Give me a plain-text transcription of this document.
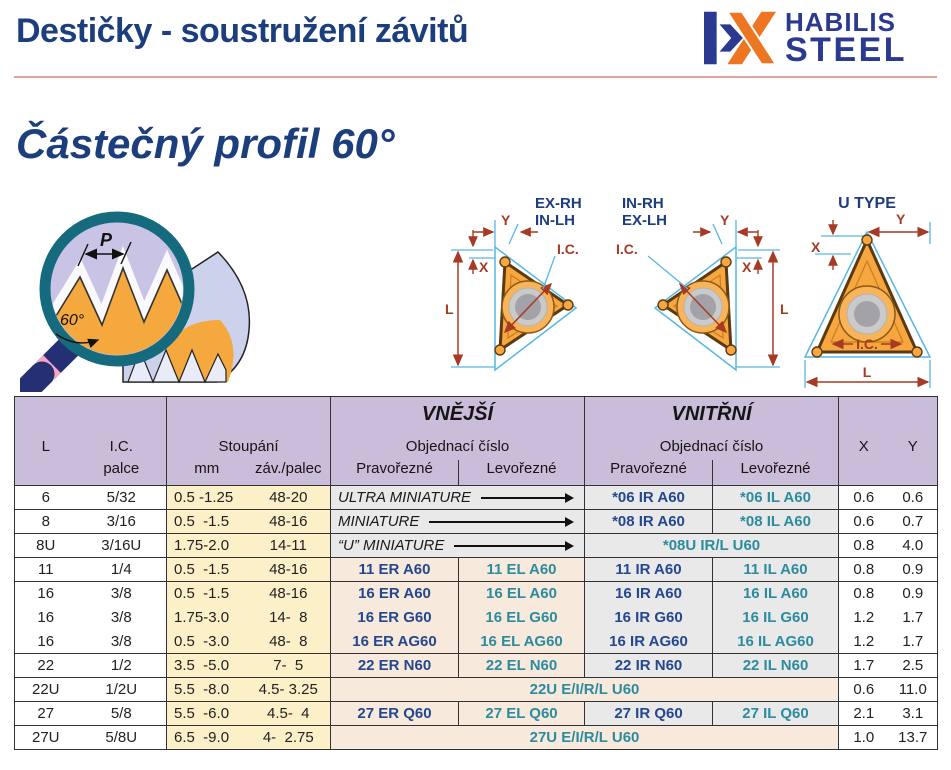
Destičky - soustružení závitů	HABILIS
STEEL
Částečný profil 60°
P
60°
EX-RH
IN-LH
I.C.
Y
X
L
IN-RH
EX-LH
I.C.
Y
X
L
U TYPE
X
Y
I.C.
L
				VNĚJŠÍ		VNITŘNÍ			
L	I.C.	Stoupání		Objednací číslo		Objednací číslo		X	Y
	palce	mm	záv./palec	Pravořezné	Levořezné	Pravořezné	Levořezné		
6	5/32	0.5 -1.25	48-20	ULTRA MINIATURE		*06 IR A60	*06 IL A60	0.6	0.6
8	3/16	0.5  -1.5	48-16	MINIATURE		*08 IR A60	*08 IL A60	0.6	0.7
8U	3/16U	1.75-2.0	14-11	“U” MINIATURE		*08U IR/L U60		0.8	4.0
11	1/4	0.5  -1.5	48-16	11 ER A60	11 EL A60	11 IR A60	11 IL A60	0.8	0.9
16	3/8	0.5  -1.5	48-16	16 ER A60	16 EL A60	16 IR A60	16 IL A60	0.8	0.9
16	3/8	1.75-3.0	14-  8	16 ER G60	16 EL G60	16 IR G60	16 IL G60	1.2	1.7
16	3/8	0.5  -3.0	48-  8	16 ER AG60	16 EL AG60	16 IR AG60	16 IL AG60	1.2	1.7
22	1/2	3.5  -5.0	7-  5	22 ER N60	22 EL N60	22 IR N60	22 IL N60	1.7	2.5
22U	1/2U	5.5  -8.0	4.5- 3.25	22U E/I/R/L U60				0.6	11.0
27	5/8	5.5  -6.0	4.5-  4	27 ER Q60	27 EL Q60	27 IR Q60	27 IL Q60	2.1	3.1
27U	5/8U	6.5  -9.0	4-  2.75	27U E/I/R/L U60				1.0	13.7
